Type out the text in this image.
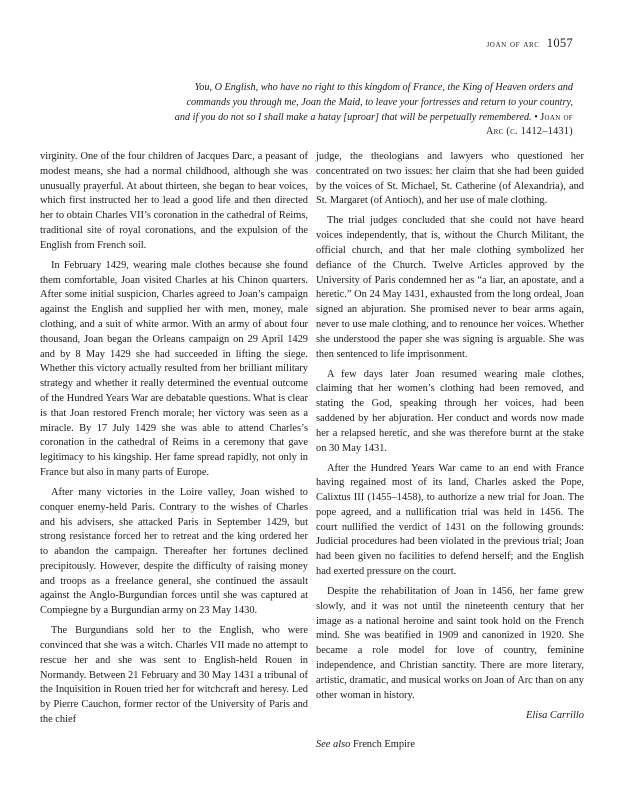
joan of arc 1057
You, O English, who have no right to this kingdom of France, the King of Heaven orders and commands you through me, Joan the Maid, to leave your fortresses and return to your country, and if you do not so I shall make a hatay [uproar] that will be perpetually remembered. • Joan of Arc (c. 1412–1431)

virginity. One of the four children of Jacques Darc, a peasant of modest means, she had a normal childhood, although she was unusually prayerful. At about thirteen, she began to hear voices, which first instructed her to lead a good life and then directed her to obtain Charles VII’s coronation in the cathedral of Reims, traditional site of royal coronations, and the expulsion of the English from French soil.

In February 1429, wearing male clothes because she found them comfortable, Joan visited Charles at his Chinon quarters. After some initial suspicion, Charles agreed to Joan’s campaign against the English and supplied her with men, money, male clothing, and a suit of white armor. With an army of about four thousand, Joan began the Orleans campaign on 29 April 1429 and by 8 May 1429 she had succeeded in lifting the siege. Whether this victory actually resulted from her brilliant military strategy and whether it really determined the eventual outcome of the Hundred Years War are debatable questions. What is clear is that Joan restored French morale; her victory was seen as a miracle. By 17 July 1429 she was able to attend Charles’s coronation in the cathedral of Reims in a ceremony that gave legitimacy to his kingship. Her fame spread rapidly, not only in France but also in many parts of Europe.

After many victories in the Loire valley, Joan wished to conquer enemy-held Paris. Contrary to the wishes of Charles and his advisers, she attacked Paris in September 1429, but strong resistance forced her to retreat and the king ordered her to abandon the campaign. Thereafter her fortunes declined precipitously. However, despite the difficulty of raising money and troops as a freelance general, she continued the assault against the Anglo-Burgundian forces until she was captured at Compiegne by a Burgundian army on 23 May 1430.

The Burgundians sold her to the English, who were convinced that she was a witch. Charles VII made no attempt to rescue her and she was sent to English-held Rouen in Normandy. Between 21 February and 30 May 1431 a tribunal of the Inquisition in Rouen tried her for witchcraft and heresy. Led by Pierre Cauchon, former rector of the University of Paris and the chief

judge, the theologians and lawyers who questioned her concentrated on two issues: her claim that she had been guided by the voices of St. Michael, St. Catherine (of Alexandria), and St. Margaret (of Antioch), and her use of male clothing.

The trial judges concluded that she could not have heard voices independently, that is, without the Church Militant, the official church, and that her male clothing symbolized her defiance of the Church. Twelve Articles approved by the University of Paris condemned her as “a liar, an apostate, and a heretic.” On 24 May 1431, exhausted from the long ordeal, Joan signed an abjuration. She promised never to bear arms again, never to use male clothing, and to renounce her voices. Whether she understood the paper she was signing is arguable. She was then sentenced to life imprisonment.

A few days later Joan resumed wearing male clothes, claiming that her women’s clothing had been removed, and stating the God, speaking through her voices, had been saddened by her abjuration. Her conduct and words now made her a relapsed heretic, and she was therefore burnt at the stake on 30 May 1431.

After the Hundred Years War came to an end with France having regained most of its land, Charles asked the Pope, Calixtus III (1455–1458), to authorize a new trial for Joan. The pope agreed, and a nullification trial was held in 1456. The court nullified the verdict of 1431 on the following grounds: Judicial procedures had been violated in the previous trial; Joan had been given no facilities to defend herself; and the English had exerted pressure on the court.

Despite the rehabilitation of Joan in 1456, her fame grew slowly, and it was not until the nineteenth century that her image as a national heroine and saint took hold on the French mind. She was beatified in 1909 and canonized in 1920. She became a role model for love of country, feminine independence, and Christian sanctity. There are more literary, artistic, dramatic, and musical works on Joan of Arc than on any other woman in history.

Elisa Carrillo
See also French Empire
